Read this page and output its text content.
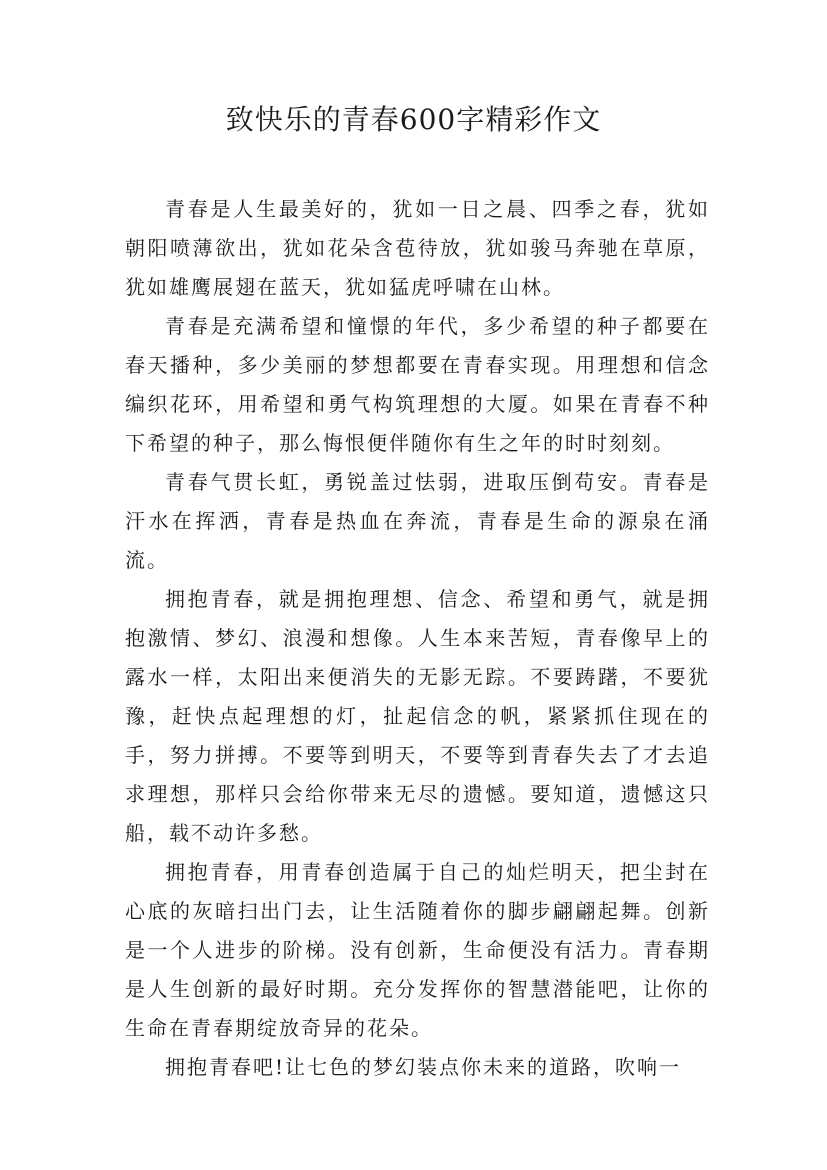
致快乐的青春600字精彩作文

青春是人生最美好的，犹如一日之晨、四季之春，犹如朝阳喷薄欲出，犹如花朵含苞待放，犹如骏马奔驰在草原，犹如雄鹰展翅在蓝天，犹如猛虎呼啸在山林。

青春是充满希望和憧憬的年代，多少希望的种子都要在春天播种，多少美丽的梦想都要在青春实现。用理想和信念编织花环，用希望和勇气构筑理想的大厦。如果在青春不种下希望的种子，那么悔恨便伴随你有生之年的时时刻刻。

青春气贯长虹，勇锐盖过怯弱，进取压倒苟安。青春是汗水在挥洒，青春是热血在奔流，青春是生命的源泉在涌流。

拥抱青春，就是拥抱理想、信念、希望和勇气，就是拥抱激情、梦幻、浪漫和想像。人生本来苦短，青春像早上的露水一样，太阳出来便消失的无影无踪。不要踌躇，不要犹豫，赶快点起理想的灯，扯起信念的帆，紧紧抓住现在的手，努力拼搏。不要等到明天，不要等到青春失去了才去追求理想，那样只会给你带来无尽的遗憾。要知道，遗憾这只船，载不动许多愁。

拥抱青春，用青春创造属于自己的灿烂明天，把尘封在心底的灰暗扫出门去，让生活随着你的脚步翩翩起舞。创新是一个人进步的阶梯。没有创新，生命便没有活力。青春期是人生创新的最好时期。充分发挥你的智慧潜能吧，让你的生命在青春期绽放奇异的花朵。

拥抱青春吧!让七色的梦幻装点你未来的道路，吹响一
